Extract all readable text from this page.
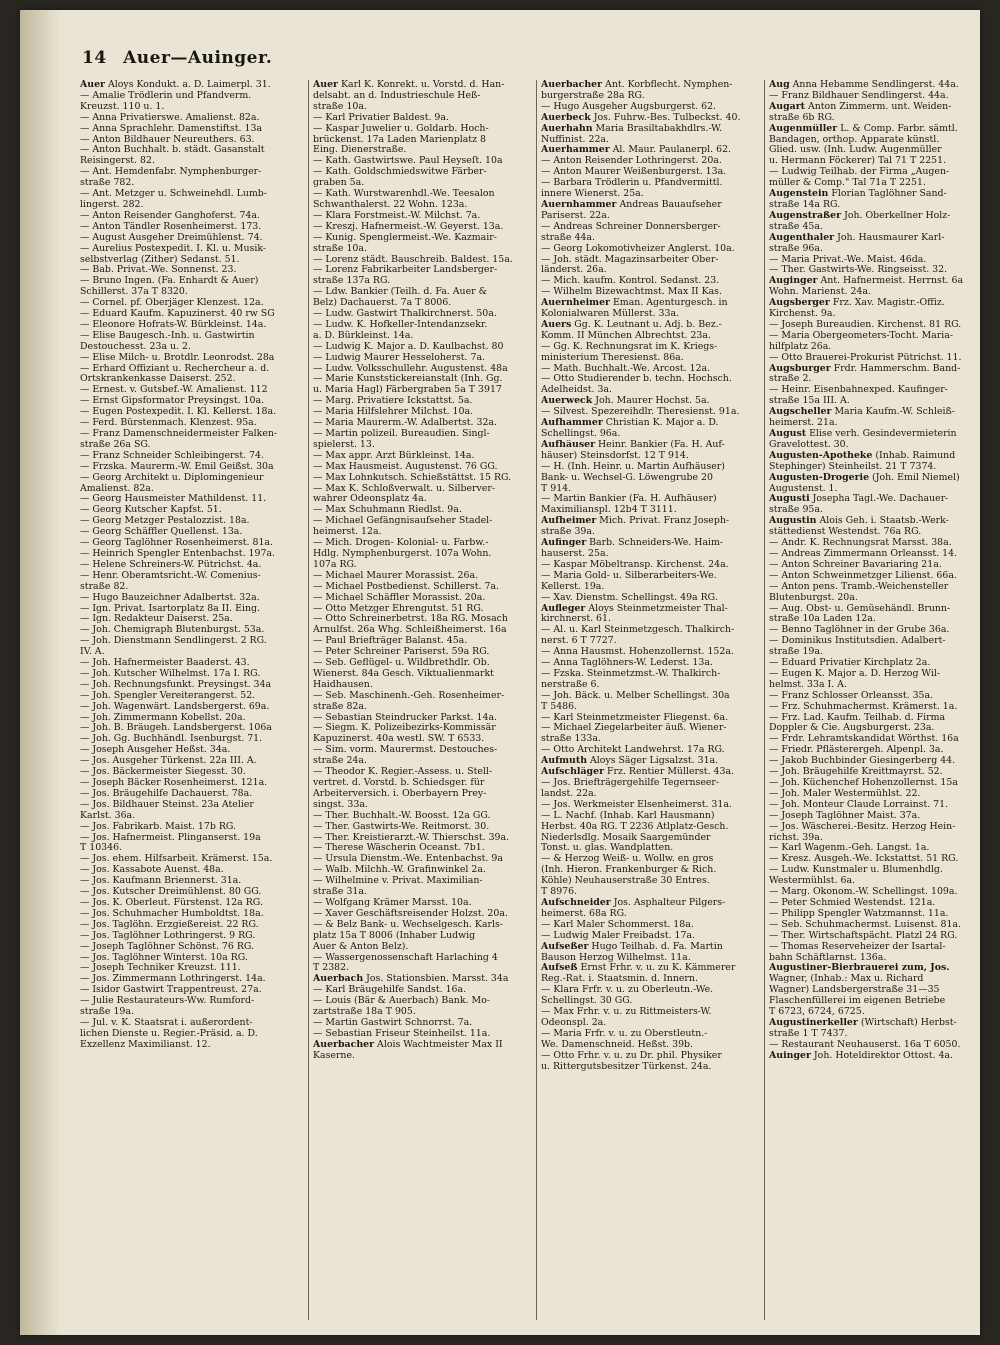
14 Auer—Auinger.
Auer Aloys Kondukt. a. D. Laimerpl. 31.
— Amalie Trödlerin und Pfandverm.
Kreuzst. 110 u. 1.
— Anna Privatierswe. Amalienst. 82a.
— Anna Sprachlehr. Damenstiftst. 13a
— Anton Bildhauer Neureuthers. 63.
— Anton Buchhalt. b. städt. Gasanstalt
Reisingerst. 82.
— Ant. Hemdenfabr. Nymphenburger-
straße 782.
— Ant. Metzger u. Schweinehdl. Lumb-
lingerst. 282.
— Anton Reisender Ganghoferst. 74a.
— Anton Tändler Rosenheimerst. 173.
— August Ausgeher Dreimühlenst. 74.
— Aurelius Postexpedit. I. Kl. u. Musik-
selbstverlag (Zither) Sedanst. 51.
— Bab. Privat.-We. Sonnenst. 23.
— Bruno Ingen. (Fa. Enhardt & Auer)
Schillerst. 37a T 8320.
— Cornel. pf. Oberjäger Klenzest. 12a.
— Eduard Kaufm. Kapuzinerst. 40 rw SG
— Eleonore Hofrats-W. Bürkleinst. 14a.
— Elise Baugesch.-Inh. u. Gastwirtin
Destouchesst. 23a u. 2.
— Elise Milch- u. Brotdlr. Leonrodst. 28a
— Erhard Offiziant u. Rechercheur a. d.
Ortskrankenkasse Daiserst. 252.
— Ernest. v. Gutsbef.-W. Amalienst. 112
— Ernst Gipsformator Preysingst. 10a.
— Eugen Postexpedit. I. Kl. Kellerst. 18a.
— Ferd. Bürstenmach. Klenzest. 95a.
— Franz Damenschneidermeister Falken-
straße 26a SG.
— Franz Schneider Schleibingerst. 74.
— Frzska. Maurerm.-W. Emil Geißst. 30a
— Georg Architekt u. Diplomingenieur
Amalienst. 82a.
— Georg Hausmeister Mathildenst. 11.
— Georg Kutscher Kapfst. 51.
— Georg Metzger Pestalozzist. 18a.
— Georg Schäffler Quellenst. 13a.
— Georg Taglöhner Rosenheimerst. 81a.
— Heinrich Spengler Entenbachst. 197a.
— Helene Schreiners-W. Pütrichst. 4a.
— Henr. Oberamtsricht.-W. Comenius-
straße 82.
— Hugo Bauzeichner Adalbertst. 32a.
— Ign. Privat. Isartorplatz 8a II. Eing.
— Ign. Redakteur Daiserst. 25a.
— Joh. Chemigraph Blutenburgst. 53a.
— Joh. Dienstmann Sendlingerst. 2 RG.
IV. A.
— Joh. Hafnermeister Baaderst. 43.
— Joh. Kutscher Wilhelmst. 17a I. RG.
— Joh. Rechnungsfunkt. Preysingst. 34a
— Joh. Spengler Vereiterangerst. 52.
— Joh. Wagenwärt. Landsbergerst. 69a.
— Joh. Zimmermann Kobellst. 20a.
— Joh. B. Bräugeh. Landsbergerst. 106a
— Joh. Gg. Buchhändl. Isenburgst. 71.
— Joseph Ausgeher Heßst. 34a.
— Jos. Ausgeher Türkenst. 22a III. A.
— Jos. Bäckermeister Siegesst. 30.
— Joseph Bäcker Rosenheimerst. 121a.
— Jos. Bräugehilfe Dachauerst. 78a.
— Jos. Bildhauer Steinst. 23a Atelier
Karlst. 36a.
— Jos. Fabrikarb. Maist. 17b RG.
— Jos. Hafnermeist. Plinganserst. 19a
T 10346.
— Jos. ehem. Hilfsarbeit. Krämerst. 15a.
— Jos. Kassabote Auenst. 48a.
— Jos. Kaufmann Briennerst. 31a.
— Jos. Kutscher Dreimühlenst. 80 GG.
— Jos. K. Oberleut. Fürstenst. 12a RG.
— Jos. Schuhmacher Humboldtst. 18a.
— Jos. Taglöhn. Erzgießereist. 22 RG.
— Jos. Taglöhner Lothringerst. 9 RG.
— Joseph Taglöhner Schönst. 76 RG.
— Jos. Taglöhner Winterst. 10a RG.
— Joseph Techniker Kreuzst. 111.
— Jos. Zimmermann Lothringerst. 14a.
— Isidor Gastwirt Trappentreust. 27a.
— Julie Restaurateurs-Ww. Rumford-
straße 19a.
— Jul. v. K. Staatsrat i. außerordent-
lichen Dienste u. Regier.-Präsid. a. D.
Exzellenz Maximilianst. 12.
Auer Karl K. Konrekt. u. Vorstd. d. Han-
delsabt. an d. Industrieschule Heß-
straße 10a.
— Karl Privatier Baldest. 9a.
— Kaspar Juwelier u. Goldarb. Hoch-
brückenst. 17a Laden Marienplatz 8
Eing. Dienerstraße.
— Kath. Gastwirtswe. Paul Heyseſt. 10a
— Kath. Goldschmiedswitwe Färber-
graben 5a.
— Kath. Wurstwarenhdl.-We. Teesalon
Schwanthalerst. 22 Wohn. 123a.
— Klara Forstmeist.-W. Milchst. 7a.
— Kreszj. Hafnermeist.-W. Geyerst. 13a.
— Kunig. Spenglermeist.-We. Kazmair-
straße 10a.
— Lorenz städt. Bauschreib. Baldest. 15a.
— Lorenz Fabrikarbeiter Landsberger-
straße 137a RG.
— Ldw. Bankier (Teilh. d. Fa. Auer &
Belz) Dachauerst. 7a T 8006.
— Ludw. Gastwirt Thalkirchnerst. 50a.
— Ludw. K. Hofkeller-Intendanzsekr.
a. D. Bürkleinst. 14a.
— Ludwig K. Major a. D. Kaulbachst. 80
— Ludwig Maurer Hesseloherst. 7a.
— Ludw. Volksschullehr. Augustenst. 48a
— Marie Kunststickereianstalt (Inh. Gg.
u. Maria Hagl) Färbergraben 5a T 3917
— Marg. Privatiere Ickstattst. 5a.
— Maria Hilfslehrer Milchst. 10a.
— Maria Maurerm.-W. Adalbertst. 32a.
— Martin polizeil. Bureaudien. Singl-
spielerst. 13.
— Max appr. Arzt Bürkleinst. 14a.
— Max Hausmeist. Augustenst. 76 GG.
— Max Lohnkutsch. Schießstättst. 15 RG.
— Max K. Schloßverwalt. u. Silberver-
wahrer Odeonsplatz 4a.
— Max Schuhmann Riedlst. 9a.
— Michael Gefängnisaufseher Stadel-
heimerst. 12a.
— Mich. Drogen- Kolonial- u. Farbw.-
Hdlg. Nymphenburgerst. 107a Wohn.
107a RG.
— Michael Maurer Morassist. 26a.
— Michael Postbedienst. Schillerst. 7a.
— Michael Schäffler Morassist. 20a.
— Otto Metzger Ehrengutst. 51 RG.
— Otto Schreinerbetrst. 18a RG. Mosach
Arnulfst. 26a Whg. Schleißheimerst. 16a
— Paul Briefträger Balanst. 45a.
— Peter Schreiner Pariserst. 59a RG.
— Seb. Geflügel- u. Wildbrethdlr. Ob.
Wienerst. 84a Gesch. Viktualienmarkt
Haidhausen.
— Seb. Maschinenh.-Geh. Rosenheimer-
straße 82a.
— Sebastian Steindrucker Parkst. 14a.
— Siegm. K. Polizeibezirks-Kommissär
Kapuzinerst. 40a westl. SW. T 6533.
— Sim. vorm. Maurermst. Destouches-
straße 24a.
— Theodor K. Regier.-Assess. u. Stell-
vertret. d. Vorstd. b. Schiedsger. für
Arbeiterversich. i. Oberbayern Prey-
singst. 33a.
— Ther. Buchhalt.-W. Boosst. 12a GG.
— Ther. Gastwirts-We. Reitmorst. 30.
— Ther. Kreistierarzt.-W. Thierschst. 39a.
— Therese Wäscherin Oceanst. 7b1.
— Ursula Dienstm.-We. Entenbachst. 9a
— Walb. Milchh.-W. Grafinwinkel 2a.
— Wilhelmine v. Privat. Maximilian-
straße 31a.
— Wolfgang Krämer Marsst. 10a.
— Xaver Geschäftsreisender Holzst. 20a.
— & Belz Bank- u. Wechselgesch. Karls-
platz 15a T 8006 (Inhaber Ludwig
Auer & Anton Belz).
— Wassergenossenschaft Harlaching 4
T 2382.
Auerbach Jos. Stationsbien. Marsst. 34a
— Karl Bräugehilfe Sandst. 16a.
— Louis (Bär & Auerbach) Bank. Mo-
zartstraße 18a T 905.
— Martin Gastwirt Schnorrst. 7a.
— Sebastian Friseur Steinheilst. 11a.
Auerbacher Alois Wachtmeister Max II
Kaserne.
Auerbacher Ant. Korbflecht. Nymphen-
burgerstraße 28a RG.
— Hugo Ausgeher Augsburgerst. 62.
Auerbeck Jos. Fuhrw.-Bes. Tulbeckst. 40.
Auerhahn Maria Brasiltabakhdlrs.-W.
Nuffinist. 22a.
Auerhammer Al. Maur. Paulanerpl. 62.
— Anton Reisender Lothringerst. 20a.
— Anton Maurer Weißenburgerst. 13a.
— Barbara Trödlerin u. Pfandvermittl.
innere Wienerst. 25a.
Auernhammer Andreas Bauaufseher
Pariserst. 22a.
— Andreas Schreiner Donnersberger-
straße 44a.
— Georg Lokomotivheizer Anglerst. 10a.
— Joh. städt. Magazinsarbeiter Ober-
länderst. 26a.
— Mich. kaufm. Kontrol. Sedanst. 23.
— Wilhelm Bizewachtmst. Max II Kas.
Auernheimer Eman. Agenturgesch. in
Kolonialwaren Müllerst. 33a.
Auers Gg. K. Leutnant u. Adj. b. Bez.-
Komm. II München Albrechtst. 23a.
— Gg. K. Rechnungsrat im K. Kriegs-
ministerium Theresienst. 86a.
— Math. Buchhalt.-We. Arcost. 12a.
— Otto Studierender b. techn. Hochsch.
Adelheidst. 3a.
Auerweck Joh. Maurer Hochst. 5a.
— Silvest. Spezereihdlr. Theresienst. 91a.
Aufhammer Christian K. Major a. D.
Schellingst. 96a.
Aufhäuser Heinr. Bankier (Fa. H. Auf-
häuser) Steinsdorfst. 12 T 914.
— H. (Inh. Heinr. u. Martin Aufhäuser)
Bank- u. Wechsel-G. Löwengrube 20
T 914.
— Martin Bankier (Fa. H. Aufhäuser)
Maximilianspl. 12b4 T 3111.
Aufheimer Mich. Privat. Franz Joseph-
straße 39a.
Aufinger Barb. Schneiders-We. Haim-
hauserst. 25a.
— Kaspar Möbeltransp. Kirchenst. 24a.
— Maria Gold- u. Silberarbeiters-We.
Kellerst. 19a.
— Xav. Dienstm. Schellingst. 49a RG.
Aufleger Aloys Steinmetzmeister Thal-
kirchnerst. 61.
— Al. u. Karl Steinmetzgesch. Thalkirch-
nerst. 6 T 7727.
— Anna Hausmst. Hohenzollernst. 152a.
— Anna Taglöhners-W. Lederst. 13a.
— Fzska. Steinmetzmst.-W. Thalkirch-
nerstraße 6.
— Joh. Bäck. u. Melber Schellingst. 30a
T 5486.
— Karl Steinmetzmeister Fliegenst. 6a.
— Michael Ziegelarbeiter äuß. Wiener-
straße 133a.
— Otto Architekt Landwehrst. 17a RG.
Aufmuth Aloys Säger Ligsalzst. 31a.
Aufschläger Frz. Rentier Müllerst. 43a.
— Jos. Briefträgergehilfe Tegernseer-
landst. 22a.
— Jos. Werkmeister Elsenheimerst. 31a.
— L. Nachf. (Inhab. Karl Hausmann)
Herbst. 40a RG. T 2236 Atlplatz-Gesch.
Niederlsdlg. Mosaik Saargemünder
Tonst. u. glas. Wandplatten.
— & Herzog Weiß- u. Wollw. en gros
(Inh. Hieron. Frankenburger & Rich.
Köhle) Neuhauserstraße 30 Entres.
T 8976.
Aufschneider Jos. Asphalteur Pilgers-
heimerst. 68a RG.
— Karl Maler Schommerst. 18a.
— Ludwig Maler Freibadst. 17a.
Aufseßer Hugo Teilhab. d. Fa. Martin
Bauson Herzog Wilhelmst. 11a.
Aufseß Ernst Frhr. v. u. zu K. Kämmerer
Reg.-Rat. i. Staatsmin. d. Innern.
— Klara Frfr. v. u. zu Oberleutn.-We.
Schellingst. 30 GG.
— Max Frhr. v. u. zu Rittmeisters-W.
Odeonspl. 2a.
— Maria Frfr. v. u. zu Oberstleutn.-
We. Damenschneid. Heßst. 39b.
— Otto Frhr. v. u. zu Dr. phil. Physiker
u. Rittergutsbesitzer Türkenst. 24a.
Aug Anna Hebamme Sendlingerst. 44a.
— Franz Bildhauer Sendlingerst. 44a.
Augart Anton Zimmerm. unt. Weiden-
straße 6b RG.
Augenmüller L. & Comp. Farbr. sämtl.
Bandagen, orthop. Apparate künstl.
Glied. usw. (Inh. Ludw. Augenmüller
u. Hermann Föckerer) Tal 71 T 2251.
— Ludwig Teilhab. der Firma „Augen-
müller & Comp." Tal 71a T 2251.
Augenstein Florian Taglöhner Sand-
straße 14a RG.
Augenstraßer Joh. Oberkellner Holz-
straße 45a.
Augenthaler Joh. Hausmaurer Karl-
straße 96a.
— Maria Privat.-We. Maist. 46da.
— Ther. Gastwirts-We. Ringseisst. 32.
Auginger Ant. Hafnermeist. Herrnst. 6a
Wohn. Marienst. 24a.
Augsberger Frz. Xav. Magistr.-Offiz.
Kirchenst. 9a.
— Joseph Bureaudien. Kirchenst. 81 RG.
— Maria Obergeometers-Tocht. Maria-
hilfplatz 26a.
— Otto Brauerei-Prokurist Pütrichst. 11.
Augsburger Frdr. Hammerschm. Band-
straße 2.
— Heinr. Eisenbahnexped. Kaufinger-
straße 15a III. A.
Augscheller Maria Kaufm.-W. Schleiß-
heimerst. 21a.
August Elise verh. Gesindevermieterin
Gravelottest. 30.
Augusten-Apotheke (Inhab. Raimund
Stephinger) Steinheilst. 21 T 7374.
Augusten-Drogerie (Joh. Emil Niemel)
Augustenst. 1.
Augusti Josepha Tagl.-We. Dachauer-
straße 95a.
Augustin Alois Geh. i. Staatsb.-Werk-
stättedienst Westendst. 76a RG.
— Andr. K. Rechnungsrat Marsst. 38a.
— Andreas Zimmermann Orleansst. 14.
— Anton Schreiner Bavariaring 21a.
— Anton Schweinmetzger Lilienst. 66a.
— Anton pens. Tramb.-Weichensteller
Blutenburgst. 20a.
— Aug. Obst- u. Gemüsehändl. Brunn-
straße 10a Laden 12a.
— Benno Taglöhner in der Grube 36a.
— Dominikus Institutsdien. Adalbert-
straße 19a.
— Eduard Privatier Kirchplatz 2a.
— Eugen K. Major a. D. Herzog Wil-
helmst. 33a I. A.
— Franz Schlosser Orleansst. 35a.
— Frz. Schuhmachermst. Krämerst. 1a.
— Frz. Lad. Kaufm. Teilhab. d. Firma
Doppler & Cie. Augsburgerst. 23a.
— Frdr. Lehramtskandidat Wörthst. 16a
— Friedr. Pflästerergeh. Alpenpl. 3a.
— Jakob Buchbinder Giesingerberg 44.
— Joh. Bräugehilfe Kreittmayrst. 52.
— Joh. Küchenchef Hohenzollernst. 15a
— Joh. Maler Westermühlst. 22.
— Joh. Monteur Claude Lorrainst. 71.
— Joseph Taglöhner Maist. 37a.
— Jos. Wäscherei.-Besitz. Herzog Hein-
richst. 39a.
— Karl Wagenm.-Geh. Langst. 1a.
— Kresz. Ausgeh.-We. Ickstattst. 51 RG.
— Ludw. Kunstmaler u. Blumenhdlg.
Westermühlst. 6a.
— Marg. Ökonom.-W. Schellingst. 109a.
— Peter Schmied Westendst. 121a.
— Philipp Spengler Watzmannst. 11a.
— Seb. Schuhmachermst. Luisenst. 81a.
— Ther. Wirtschaftspächt. Platzl 24 RG.
— Thomas Reserveheizer der Isartal-
bahn Schäftlarnst. 136a.
Augustiner-Bierbrauerei zum, Jos.
Wagner, (Inhab.: Max u. Richard
Wagner) Landsbergerstraße 31—35
Flaschenfüllerei im eigenen Betriebe
T 6723, 6724, 6725.
Augustinerkeller (Wirtschaft) Herbst-
straße 1 T 7437.
— Restaurant Neuhauserst. 16a T 6050.
Auinger Joh. Hoteldirektor Ottost. 4a.
